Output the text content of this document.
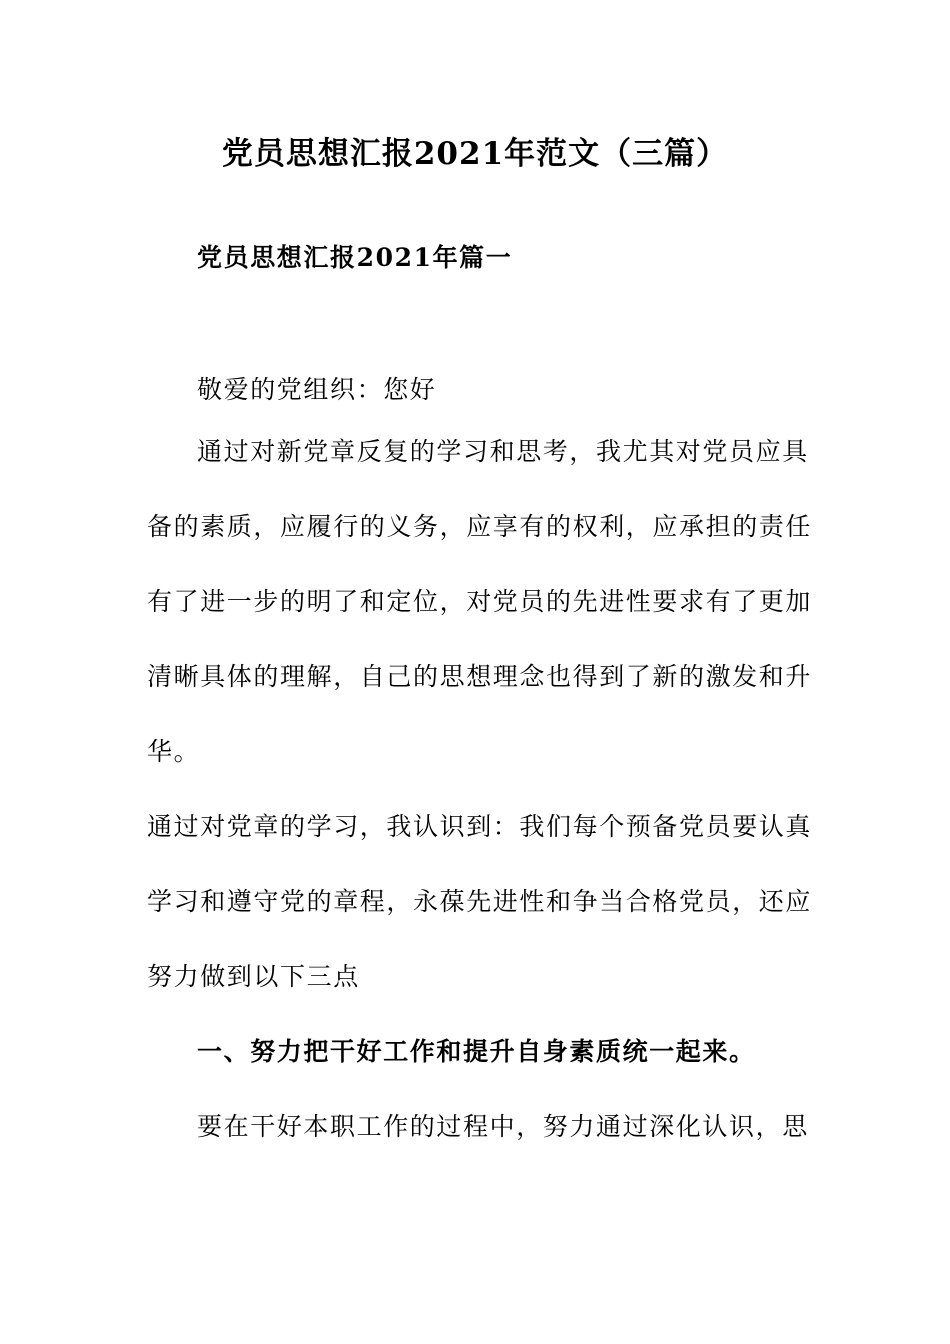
党员思想汇报2021年范文（三篇）
党员思想汇报2021年篇一
敬爱的党组织：您好
通过对新党章反复的学习和思考，我尤其对党员应具
备的素质，应履行的义务，应享有的权利，应承担的责任
有了进一步的明了和定位，对党员的先进性要求有了更加
清晰具体的理解，自己的思想理念也得到了新的激发和升
华。
通过对党章的学习，我认识到：我们每个预备党员要认真
学习和遵守党的章程，永葆先进性和争当合格党员，还应
努力做到以下三点
一、努力把干好工作和提升自身素质统一起来。
要在干好本职工作的过程中，努力通过深化认识，思
